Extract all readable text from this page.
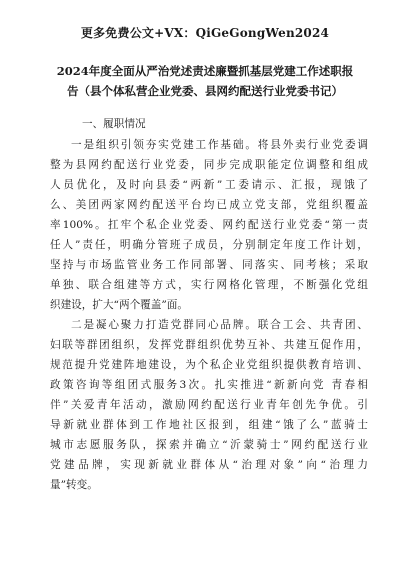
更多免费公文+VX：QiGeGongWen2024
2024年度全面从严治党述责述廉暨抓基层党建工作述职报
告（县个体私营企业党委、县网约配送行业党委书记）
一、履职情况
一是组织引领夯实党建工作基础。将县外卖行业党委调
整为县网约配送行业党委，同步完成职能定位调整和组成
人员优化，及时向县委“两新”工委请示、汇报，现饿了
么、美团两家网约配送平台均已成立党支部，党组织覆盖
率100%。扛牢个私企业党委、网约配送行业党委“第一责
任人”责任，明确分管班子成员，分别制定年度工作计划，
坚持与市场监管业务工作同部署、同落实、同考核；采取
单独、联合组建等方式，实行网格化管理，不断强化党组
织建设，扩大“两个覆盖”面。
二是凝心聚力打造党群同心品牌。联合工会、共青团、
妇联等群团组织，发挥党群组织优势互补、共建互促作用，
规范提升党建阵地建设，为个私企业党组织提供教育培训、
政策咨询等组团式服务3次。扎实推进“新新向党 青春相
伴”关爱青年活动，激励网约配送行业青年创先争优。引
导新就业群体到工作地社区报到，组建“饿了么”蓝骑士
城市志愿服务队，探索并确立“沂蒙骑士”网约配送行业
党建品牌，实现新就业群体从“治理对象”向“治理力
量”转变。
